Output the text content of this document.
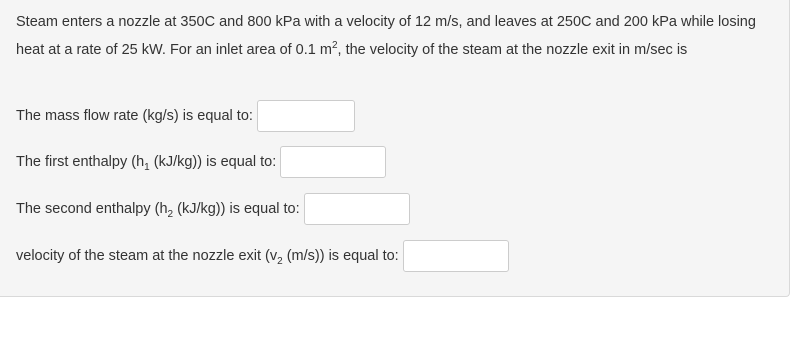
Steam enters a nozzle at 350C and 800 kPa with a velocity of 12 m/s, and leaves at 250C and 200 kPa while losing heat at a rate of 25 kW. For an inlet area of 0.1 $m^2$, the velocity of the steam at the nozzle exit in m/sec is

The mass flow rate (kg/s) is equal to:
The first enthalpy ($h_1$ (kJ/kg)) is equal to:
The second enthalpy ($h_2$ (kJ/kg)) is equal to:
velocity of the steam at the nozzle exit ($v_2$ (m/s)) is equal to:
